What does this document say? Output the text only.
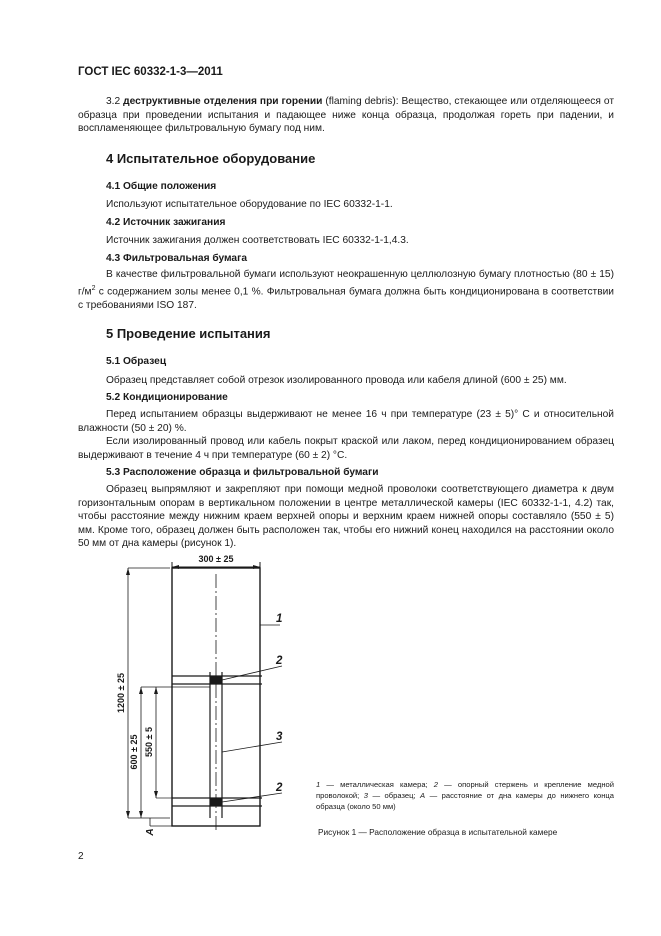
ГОСТ IEC 60332-1-3—2011
3.2 деструктивные отделения при горении (flaming debris): Вещество, стекающее или отделяющееся от образца при проведении испытания и падающее ниже конца образца, продолжая гореть при падении, и воспламеняющее фильтровальную бумагу под ним.
4 Испытательное оборудование
4.1 Общие положения
Используют испытательное оборудование по IEC 60332-1-1.
4.2 Источник зажигания
Источник зажигания должен соответствовать IEC 60332-1-1,4.3.
4.3 Фильтровальная бумага
В качестве фильтровальной бумаги используют неокрашенную целлюлозную бумагу плотностью (80 ± 15) $г/м^2$ с содержанием золы менее 0,1 %. Фильтровальная бумага должна быть кондиционирована в соответствии с требованиями ISO 187.
5 Проведение испытания
5.1 Образец
Образец представляет собой отрезок изолированного провода или кабеля длиной (600 ± 25) мм.
5.2 Кондиционирование
Перед испытанием образцы выдерживают не менее 16 ч при температуре (23 ± 5)° С и относительной влажности (50 ± 20) %.
Если изолированный провод или кабель покрыт краской или лаком, перед кондиционированием образец выдерживают в течение 4 ч при температуре (60 ± 2) °С.
5.3 Расположение образца и фильтровальной бумаги
Образец выпрямляют и закрепляют при помощи медной проволоки соответствующего диаметра к двум горизонтальным опорам в вертикальном положении в центре металлической камеры (IEC 60332-1-1, 4.2) так, чтобы расстояние между нижним краем верхней опоры и верхним краем нижней опоры составляло (550 ± 5) мм. Кроме того, образец должен быть расположен так, чтобы его нижний конец находился на расстоянии около 50 мм от дна камеры (рисунок 1).
300 ± 25
1200 ± 25
600 ± 25 550 ± 5
A
1
2
3
2	1 — металлическая камера; 2 — опорный стержень и крепление медной проволокой; 3 — образец; A — расстояние от дна камеры до нижнего конца образца (около 50 мм)
Рисунок 1 — Расположение образца в испытательной камере
2
